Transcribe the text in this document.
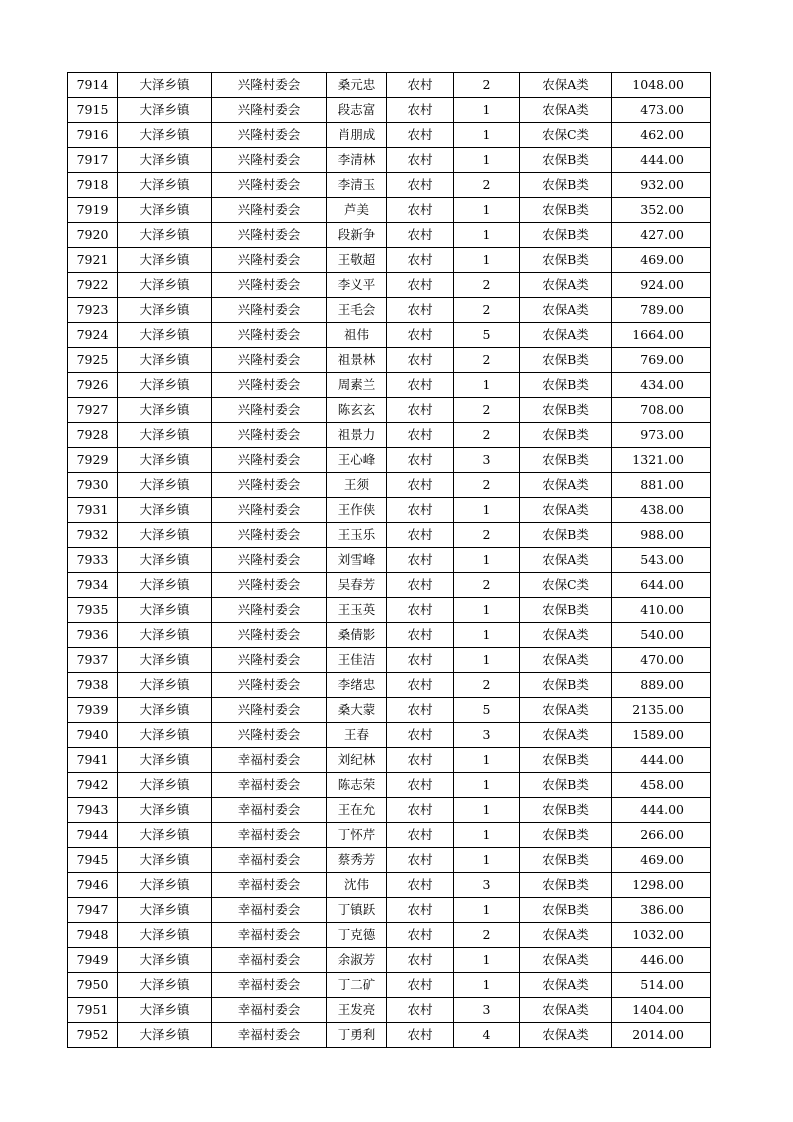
7914	大泽乡镇	兴隆村委会	桑元忠	农村	2	农保A类	1048.00
7915	大泽乡镇	兴隆村委会	段志富	农村	1	农保A类	473.00
7916	大泽乡镇	兴隆村委会	肖朋成	农村	1	农保C类	462.00
7917	大泽乡镇	兴隆村委会	李清林	农村	1	农保B类	444.00
7918	大泽乡镇	兴隆村委会	李清玉	农村	2	农保B类	932.00
7919	大泽乡镇	兴隆村委会	芦美	农村	1	农保B类	352.00
7920	大泽乡镇	兴隆村委会	段新争	农村	1	农保B类	427.00
7921	大泽乡镇	兴隆村委会	王敬超	农村	1	农保B类	469.00
7922	大泽乡镇	兴隆村委会	李义平	农村	2	农保A类	924.00
7923	大泽乡镇	兴隆村委会	王毛会	农村	2	农保A类	789.00
7924	大泽乡镇	兴隆村委会	祖伟	农村	5	农保A类	1664.00
7925	大泽乡镇	兴隆村委会	祖景林	农村	2	农保B类	769.00
7926	大泽乡镇	兴隆村委会	周素兰	农村	1	农保B类	434.00
7927	大泽乡镇	兴隆村委会	陈玄玄	农村	2	农保B类	708.00
7928	大泽乡镇	兴隆村委会	祖景力	农村	2	农保B类	973.00
7929	大泽乡镇	兴隆村委会	王心峰	农村	3	农保B类	1321.00
7930	大泽乡镇	兴隆村委会	王须	农村	2	农保A类	881.00
7931	大泽乡镇	兴隆村委会	王作侠	农村	1	农保A类	438.00
7932	大泽乡镇	兴隆村委会	王玉乐	农村	2	农保B类	988.00
7933	大泽乡镇	兴隆村委会	刘雪峰	农村	1	农保A类	543.00
7934	大泽乡镇	兴隆村委会	吴春芳	农村	2	农保C类	644.00
7935	大泽乡镇	兴隆村委会	王玉英	农村	1	农保B类	410.00
7936	大泽乡镇	兴隆村委会	桑倩影	农村	1	农保A类	540.00
7937	大泽乡镇	兴隆村委会	王佳洁	农村	1	农保A类	470.00
7938	大泽乡镇	兴隆村委会	李绪忠	农村	2	农保B类	889.00
7939	大泽乡镇	兴隆村委会	桑大蒙	农村	5	农保A类	2135.00
7940	大泽乡镇	兴隆村委会	王春	农村	3	农保A类	1589.00
7941	大泽乡镇	幸福村委会	刘纪林	农村	1	农保B类	444.00
7942	大泽乡镇	幸福村委会	陈志荣	农村	1	农保B类	458.00
7943	大泽乡镇	幸福村委会	王在允	农村	1	农保B类	444.00
7944	大泽乡镇	幸福村委会	丁怀芹	农村	1	农保B类	266.00
7945	大泽乡镇	幸福村委会	蔡秀芳	农村	1	农保B类	469.00
7946	大泽乡镇	幸福村委会	沈伟	农村	3	农保B类	1298.00
7947	大泽乡镇	幸福村委会	丁镇跃	农村	1	农保B类	386.00
7948	大泽乡镇	幸福村委会	丁克德	农村	2	农保A类	1032.00
7949	大泽乡镇	幸福村委会	余淑芳	农村	1	农保A类	446.00
7950	大泽乡镇	幸福村委会	丁二矿	农村	1	农保A类	514.00
7951	大泽乡镇	幸福村委会	王发亮	农村	3	农保A类	1404.00
7952	大泽乡镇	幸福村委会	丁勇利	农村	4	农保A类	2014.00
